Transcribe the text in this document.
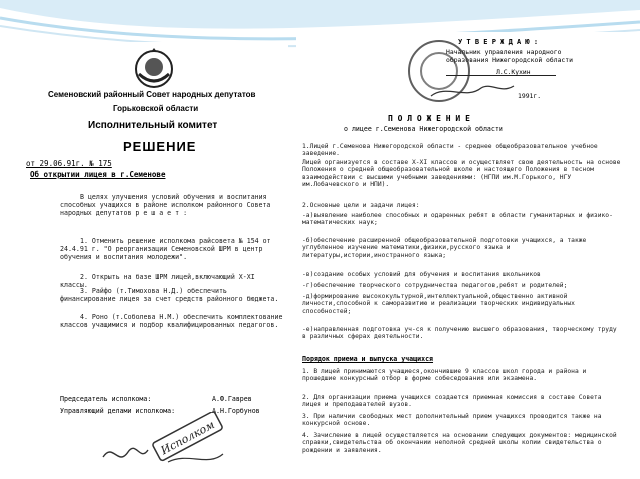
Семеновский районный Совет народных депутатов
Горьковской области
Исполнительный комитет
РЕШЕНИЕ
от 29.06.91г. № 175
Об открытии лицея в г.Семенове
В целях улучшения условий обучения и воспитания способных учащихся в районе исполком районного Совета народных депутатов р е ш а е т :
1. Отменить решение исполкома райсовета № 154 от 24.4.91 г. "О реорганизации Семеновской ШРМ в центр обучения и воспитания молодежи".
2. Открыть на базе ШРМ лицей,включающий X-XI классы.
3. Райфо (т.Тимохова Н.Д.) обеспечить финансирование лицея за счет средств районного бюджета.
4. Роно (т.Соболева Н.М.) обеспечить комплектование классов учащимися и подбор квалифицированных педагогов.
Председатель исполкома:	А.Ф.Гаврев
Управляющий делами исполкома:	А.Н.Горбунов
Исполком
У Т В Е Р Ж Д А Ю :
Начальник управления народного
образования Нижегородской области
Л.С.Кухин
1991г.
П О Л О Ж Е Н И Е
о лицее г.Семенова Нижегородской области
1.Лицей г.Семенова Нижегородской области - среднее общеобразовательное учебное заведение.
Лицей организуется в составе X-XI классов и осуществляет свою деятельность на основе Положения о средней общеобразовательной школе и настоящего Положения в тесном взаимодействии с высшими учебными заведениями: (НГПИ им.М.Горького, НГУ им.Лобачевского и НПИ).
2.Основные цели и задачи лицея:
-а)выявление наиболее способных и одаренных ребят в области гуманитарных и физико-математических наук;
-б)обеспечение расширенной общеобразовательной подготовки учащихся, а также углубленное изучение математики,физики,русского языка и литературы,истории,иностранного языка;
-в)создание особых условий для обучения и воспитания школьников
-г)обеспечение творческого сотрудничества педагогов,ребят и родителей;
-д)формирование высококультурной,интеллектуальной,общественно активной личности,способной к саморазвитию и реализации творческих индивидуальных способностей;
-е)направленная подготовка уч-ся к получению высшего образования, творческому труду в различных сферах деятельности.
Порядок приема и выпуска учащихся
1. В лицей принимаются учащиеся,окончившие 9 классов школ города и района и прошедшие конкурсный отбор в форме собеседования или экзамена.
2. Для организации приема учащихся создается приемная комиссия в составе Совета лицея и преподавателей вузов.
3. При наличии свободных мест дополнительный прием учащихся проводится также на конкурсной основе.
4. Зачисление в лицей осуществляется на основании следующих документов: медицинской справки,свидетельства об окончании неполной средней школы копии свидетельства о рождении и заявления.
